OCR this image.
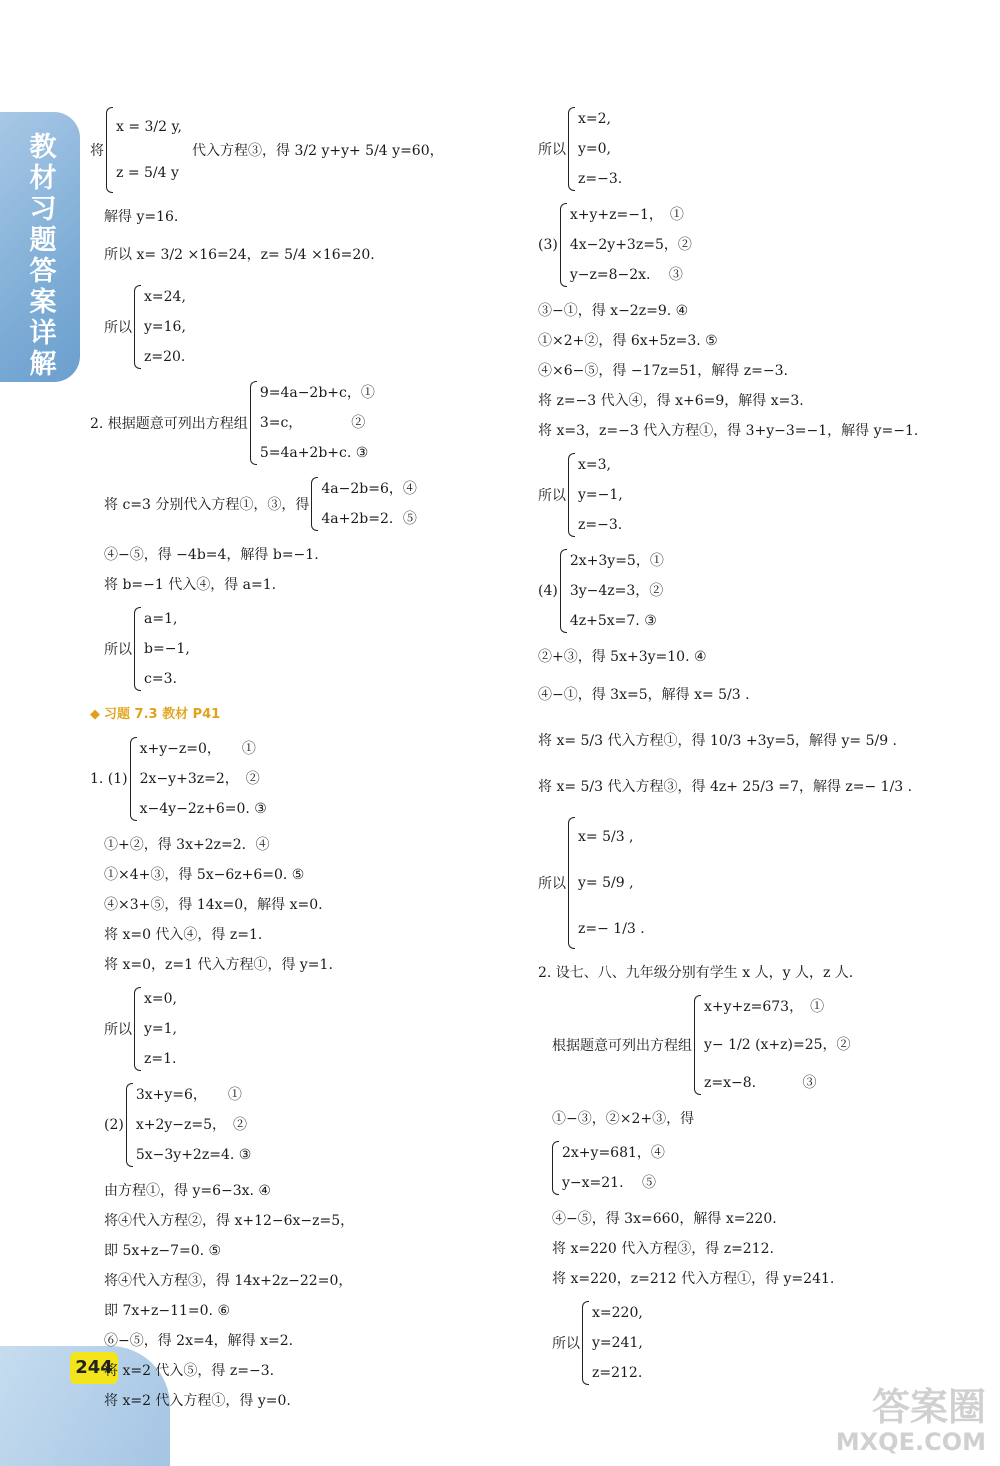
教材习题答案详解
244
答案圈
MXQE.COM
将
x = 3/2 y,
z = 5/4 y
代入方程③，得 3/2 y+y+ 5/4 y=60，
解得 y=16.
所以 x= 3/2 ×16=24，z= 5/4 ×16=20.
所以
x=24,
y=16,
z=20.
2. 根据题意可列出方程组
9=4a−2b+c，①
3=c，　　　　②
5=4a+2b+c. ③
将 c=3 分别代入方程①，③，得
4a−2b=6，④
4a+2b=2．⑤
④−⑤，得 −4b=4，解得 b=−1.
将 b=−1 代入④，得 a=1.
所以
a=1,
b=−1,
c=3.
◆ 习题 7.3 教材 P41
1. (1)
x+y−z=0，　　①
2x−y+3z=2，　②
x−4y−2z+6=0. ③
①+②，得 3x+2z=2．④
①×4+③，得 5x−6z+6=0. ⑤
④×3+⑤，得 14x=0，解得 x=0.
将 x=0 代入④，得 z=1.
将 x=0，z=1 代入方程①，得 y=1.
所以
x=0,
y=1,
z=1.
(2)
3x+y=6，　　①
x+2y−z=5，　②
5x−3y+2z=4. ③
由方程①，得 y=6−3x. ④
将④代入方程②，得 x+12−6x−z=5，
即 5x+z−7=0. ⑤
将④代入方程③，得 14x+2z−22=0，
即 7x+z−11=0. ⑥
⑥−⑤，得 2x=4，解得 x=2.
将 x=2 代入⑤，得 z=−3.
将 x=2 代入方程①，得 y=0.
所以
x=2,
y=0,
z=−3.
(3)
x+y+z=−1，　①
4x−2y+3z=5，②
y−z=8−2x.　 ③
③−①，得 x−2z=9. ④
①×2+②，得 6x+5z=3. ⑤
④×6−⑤，得 −17z=51，解得 z=−3.
将 z=−3 代入④，得 x+6=9，解得 x=3.
将 x=3，z=−3 代入方程①，得 3+y−3=−1，解得 y=−1.
所以
x=3,
y=−1,
z=−3.
(4)
2x+3y=5，①
3y−4z=3，②
4z+5x=7. ③
②+③，得 5x+3y=10. ④
④−①，得 3x=5，解得 x= 5/3 .
将 x= 5/3 代入方程①，得 10/3 +3y=5，解得 y= 5/9 .
将 x= 5/3 代入方程③，得 4z+ 25/3 =7，解得 z=− 1/3 .
所以
x= 5/3 ,
y= 5/9 ,
z=− 1/3 .
2. 设七、八、九年级分别有学生 x 人，y 人，z 人.
根据题意可列出方程组
x+y+z=673，　①
y− 1/2 (x+z)=25，②
z=x−8.　　　 ③
①−③，②×2+③，得
2x+y=681，④
y−x=21.　 ⑤
④−⑤，得 3x=660，解得 x=220.
将 x=220 代入方程③，得 z=212.
将 x=220，z=212 代入方程①，得 y=241.
所以
x=220,
y=241,
z=212.
